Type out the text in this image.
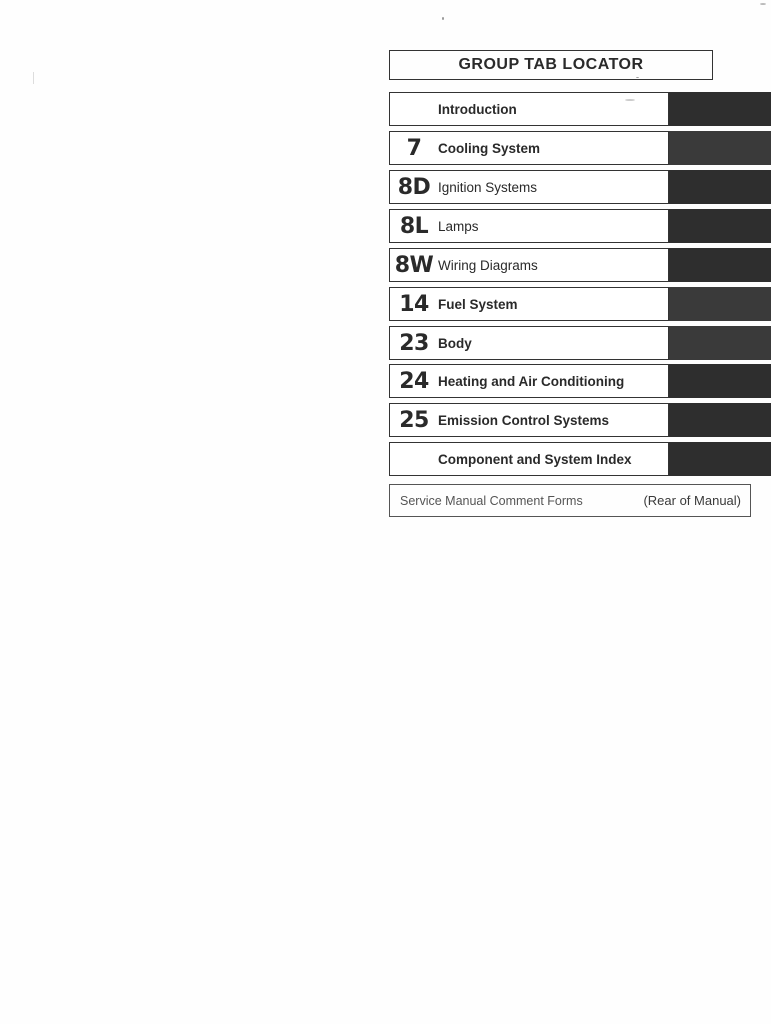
GROUP TAB LOCATOR
Introduction
7	Cooling System
8D Ignition Systems
8L Lamps
8W Wiring Diagrams
14 Fuel System
23 Body
24 Heating and Air Conditioning
25 Emission Control Systems
Component and System Index
Service Manual Comment Forms	(Rear of Manual)
